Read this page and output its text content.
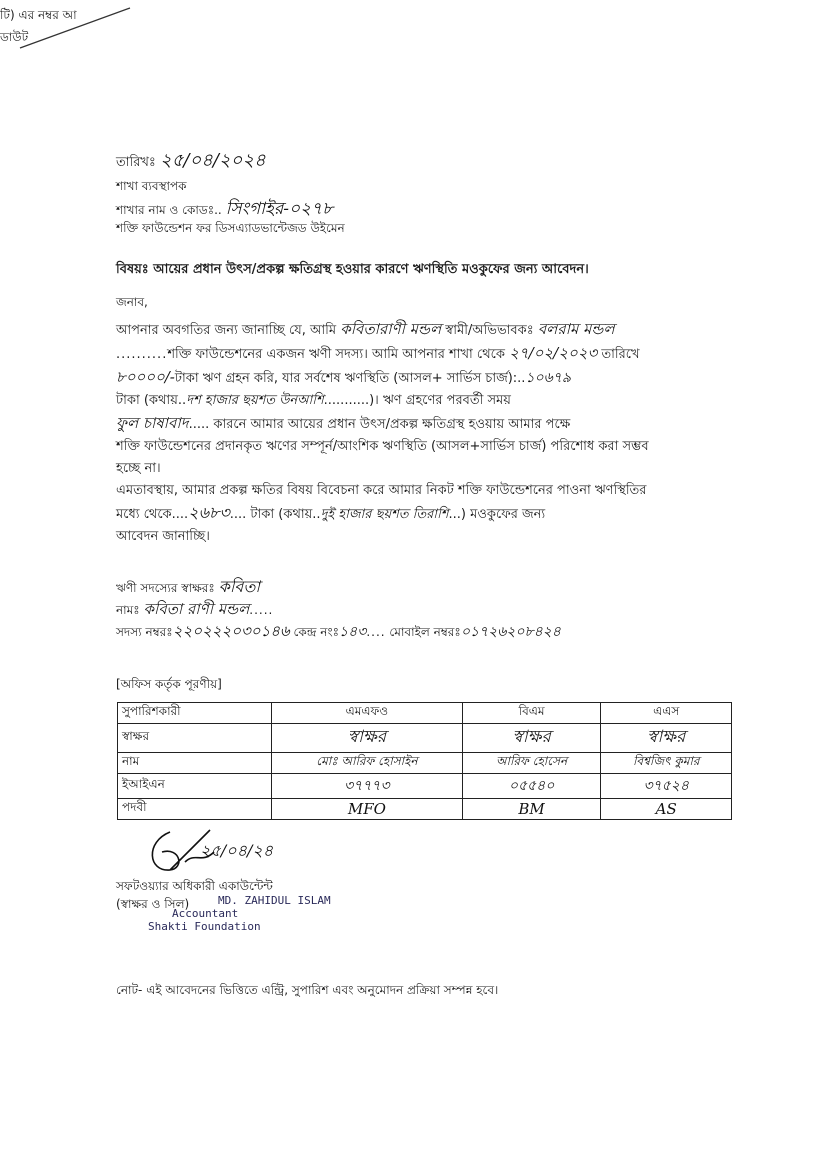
টি) এর নম্বর আ
ডাউট
তারিখঃ ২৫/০৪/২০২৪
শাখা ব্যবস্থাপক
শাখার নাম ও কোডঃ.. সিংগাইর-০২৭৮
শক্তি ফাউন্ডেশন ফর ডিসএ্যাডভান্টেজড উইমেন
বিষয়ঃ আয়ের প্রধান উৎস/প্রকল্প ক্ষতিগ্রস্থ হওয়ার কারণে ঋণস্থিতি মওকুফের জন্য আবেদন।
জনাব,
আপনার অবগতির জন্য জানাচ্ছি যে, আমি কবিতারাণী মন্ডল স্বামী/অভিভাবকঃ বলরাম মন্ডল
..........শক্তি ফাউন্ডেশনের একজন ঋণী সদস্য। আমি আপনার শাখা থেকে ২৭/০২/২০২৩ তারিখে
৮০০০০/-টাকা ঋণ গ্রহন করি, যার সর্বশেষ ঋণস্থিতি (আসল+ সার্ভিস চার্জ):..১০৬৭৯
টাকা (কথায়..দশ হাজার ছয়শত উনআশি...........)। ঋণ গ্রহণের পরবর্তী সময়
ফুল চাষাবাদ..... কারনে আমার আয়ের প্রধান উৎস/প্রকল্প ক্ষতিগ্রস্থ হওয়ায় আমার পক্ষে
শক্তি ফাউন্ডেশনের প্রদানকৃত ঋণের সম্পূর্ন/আংশিক ঋণস্থিতি (আসল+সার্ভিস চার্জ) পরিশোধ করা সম্ভব
হচ্ছে না।
এমতাবস্থায়, আমার প্রকল্প ক্ষতির বিষয় বিবেচনা করে আমার নিকট শক্তি ফাউন্ডেশনের পাওনা ঋণস্থিতির
মধ্যে থেকে....২৬৮৩.... টাকা (কথায়..দুই হাজার ছয়শত তিরাশি...) মওকুফের জন্য
আবেদন জানাচ্ছি।
ঋণী সদস্যের স্বাক্ষরঃ কবিতা
নামঃ কবিতা রাণী মন্ডল.....
সদস্য নম্বরঃ২২০২২২০৩০১৪৬ কেন্দ্র নংঃ১৪৩.... মোবাইল নম্বরঃ০১৭২৬২০৮৪২৪
[অফিস কর্তৃক পূরণীয়]
সুপারিশকারী	এমএফও	বিএম	এএস
স্বাক্ষর	স্বাক্ষর	স্বাক্ষর	স্বাক্ষর
নাম	মোঃ আরিফ হোসাইন	আরিফ হোসেন	বিশ্বজিৎ কুমার
ইআইএন	৩৭৭৭৩	০৫৫৪০	৩৭৫২৪
পদবী	MFO	BM	AS
২৫/০৪/২৪
সফটওয়্যার অধিকারী একাউন্টেন্ট
(স্বাক্ষর ও সিল)	MD. ZAHIDUL ISLAM
Accountant
Shakti Foundation
নোট- এই আবেদনের ভিত্তিতে এন্ট্রি, সুপারিশ এবং অনুমোদন প্রক্রিয়া সম্পন্ন হবে।
